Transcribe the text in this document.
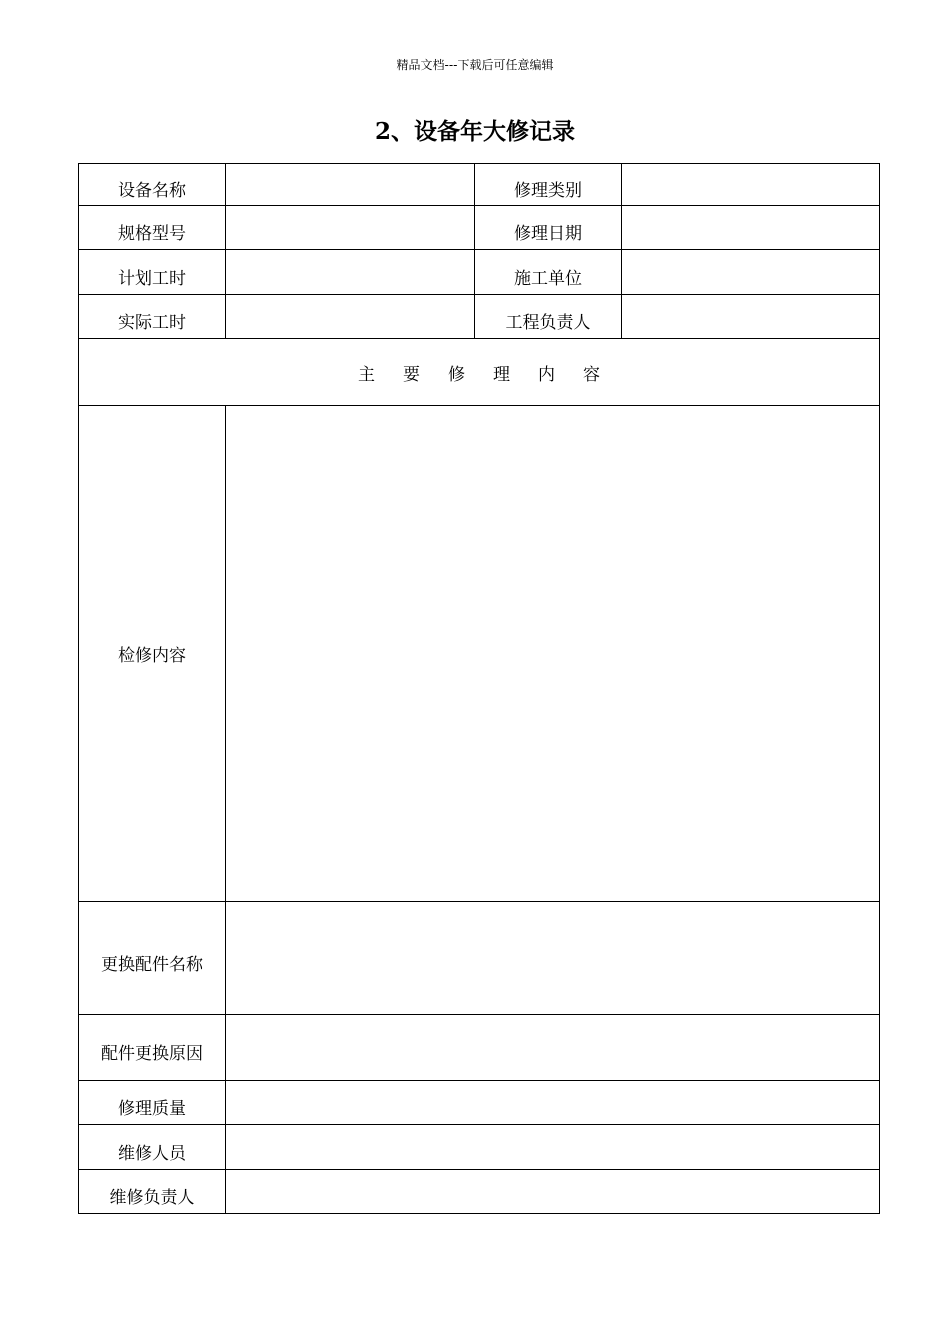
精品文档---下载后可任意编辑
2、设备年大修记录
设备名称		修理类别	
规格型号		修理日期	
计划工时		施工单位	
实际工时		工程负责人	
主要修理内容			
检修内容			
更换配件名称			
配件更换原因			
修理质量			
维修人员			
维修负责人			
